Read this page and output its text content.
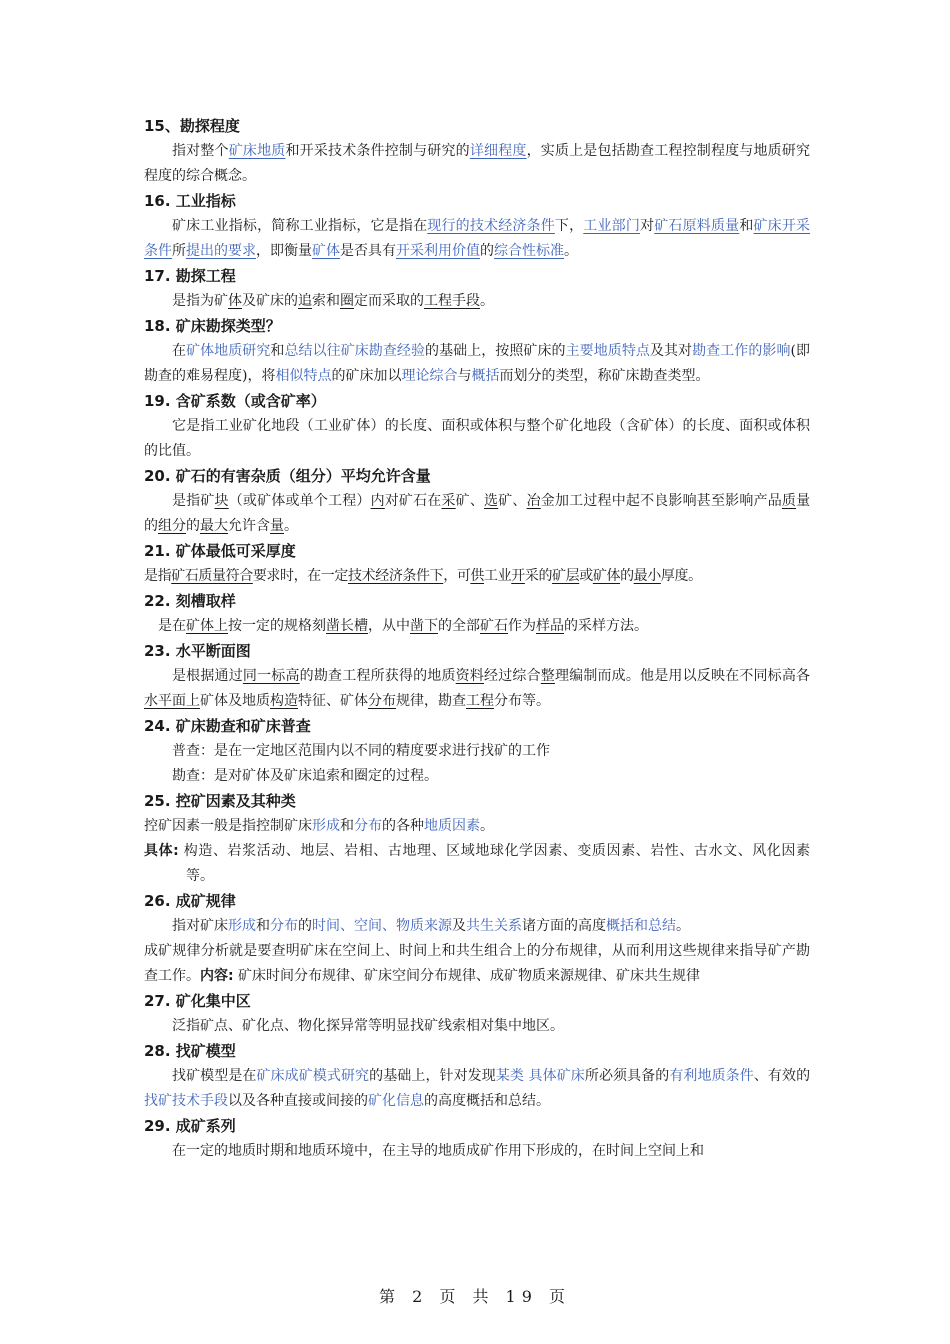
15、勘探程度

指对整个矿床地质和开采技术条件控制与研究的详细程度，实质上是包括勘查工程控制程度与地质研究程度的综合概念。

16. 工业指标

矿床工业指标，简称工业指标，它是指在现行的技术经济条件下，工业部门对矿石原料质量和矿床开采条件所提出的要求，即衡量矿体是否具有开采利用价值的综合性标准。

17. 勘探工程

是指为矿体及矿床的追索和圈定而采取的工程手段。

18. 矿床勘探类型？

在矿体地质研究和总结以往矿床勘查经验的基础上，按照矿床的主要地质特点及其对勘查工作的影响(即勘查的难易程度)，将相似特点的矿床加以理论综合与概括而划分的类型，称矿床勘查类型。

19. 含矿系数（或含矿率）

它是指工业矿化地段（工业矿体）的长度、面积或体积与整个矿化地段（含矿体）的长度、面积或体积的比值。

20. 矿石的有害杂质（组分）平均允许含量

是指矿块（或矿体或单个工程）内对矿石在采矿、选矿、冶金加工过程中起不良影响甚至影响产品质量的组分的最大允许含量。

21. 矿体最低可采厚度

是指矿石质量符合要求时，在一定技术经济条件下，可供工业开采的矿层或矿体的最小厚度。

22. 刻槽取样

是在矿体上按一定的规格刻凿长槽，从中凿下的全部矿石作为样品的采样方法。

23. 水平断面图

是根据通过同一标高的勘查工程所获得的地质资料经过综合整理编制而成。他是用以反映在不同标高各水平面上矿体及地质构造特征、矿体分布规律，勘查工程分布等。

24. 矿床勘查和矿床普查

普查：是在一定地区范围内以不同的精度要求进行找矿的工作

勘查：是对矿体及矿床追索和圈定的过程。

25. 控矿因素及其种类

控矿因素一般是指控制矿床形成和分布的各种地质因素。

具体: 构造、岩浆活动、地层、岩相、古地理、区域地球化学因素、变质因素、岩性、古水文、风化因素等。

26. 成矿规律

指对矿床形成和分布的时间、空间、物质来源及共生关系诸方面的高度概括和总结。

成矿规律分析就是要查明矿床在空间上、时间上和共生组合上的分布规律，从而利用这些规律来指导矿产勘查工作。内容: 矿床时间分布规律、矿床空间分布规律、成矿物质来源规律、矿床共生规律

27. 矿化集中区

泛指矿点、矿化点、物化探异常等明显找矿线索相对集中地区。

28. 找矿模型

找矿模型是在矿床成矿模式研究的基础上，针对发现某类 具体矿床所必须具备的有利地质条件、有效的找矿技术手段以及各种直接或间接的矿化信息的高度概括和总结。

29. 成矿系列

在一定的地质时期和地质环境中，在主导的地质成矿作用下形成的，在时间上空间上和

第 2 页 共 19 页
